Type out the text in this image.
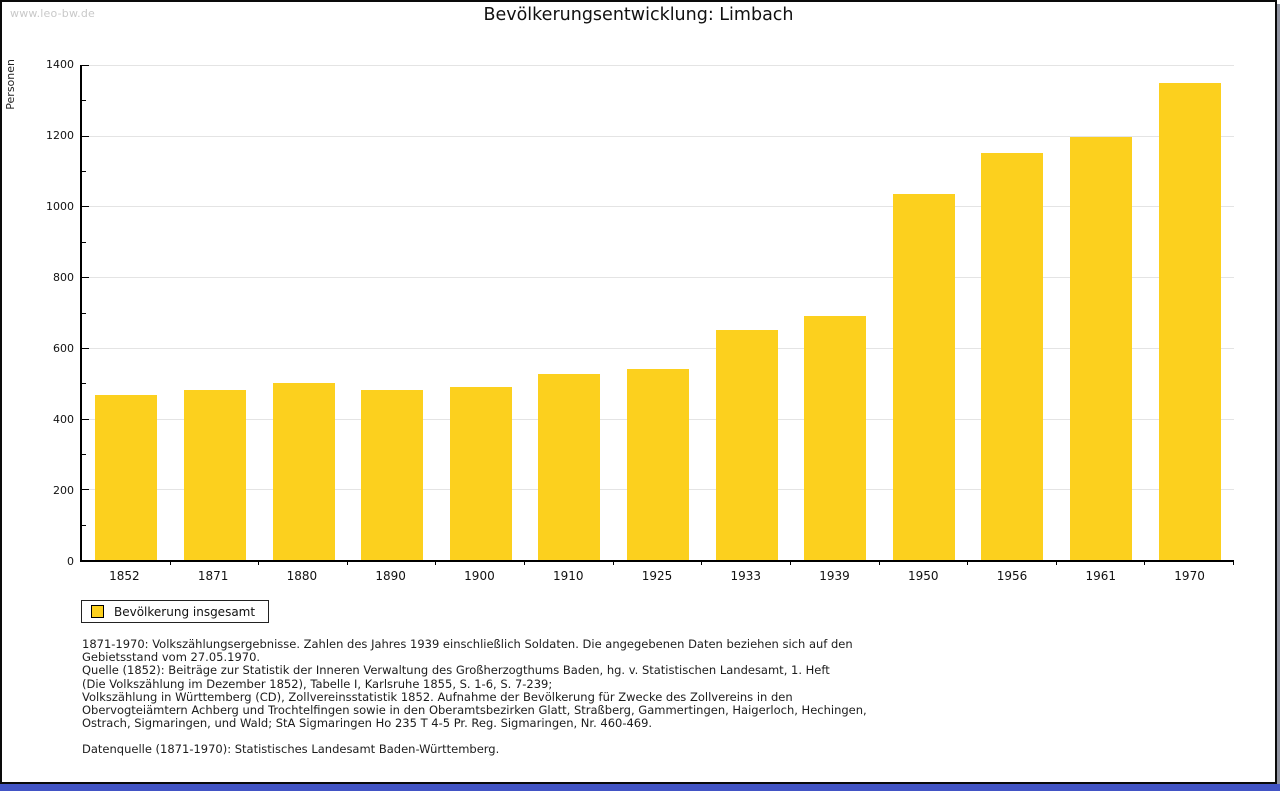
www.leo-bw.de	Bevölkerungsentwicklung: Limbach
Personen
0
200
400
600
800
1000
1200
1400
1852	1871	1880	1890	1900	1910	1925	1933	1939	1950	1956	1961	1970
Bevölkerung insgesamt
1871-1970: Volkszählungsergebnisse. Zahlen des Jahres 1939 einschließlich Soldaten. Die angegebenen Daten beziehen sich auf den
Gebietsstand vom 27.05.1970.
Quelle (1852): Beiträge zur Statistik der Inneren Verwaltung des Großherzogthums Baden, hg. v. Statistischen Landesamt, 1. Heft
(Die Volkszählung im Dezember 1852), Tabelle I, Karlsruhe 1855, S. 1-6, S. 7-239;
Volkszählung in Württemberg (CD), Zollvereinsstatistik 1852. Aufnahme der Bevölkerung für Zwecke des Zollvereins in den
Obervogteiämtern Achberg und Trochtelfingen sowie in den Oberamtsbezirken Glatt, Straßberg, Gammertingen, Haigerloch, Hechingen,
Ostrach, Sigmaringen, und Wald; StA Sigmaringen Ho 235 T 4-5 Pr. Reg. Sigmaringen, Nr. 460-469.
Datenquelle (1871-1970): Statistisches Landesamt Baden-Württemberg.
